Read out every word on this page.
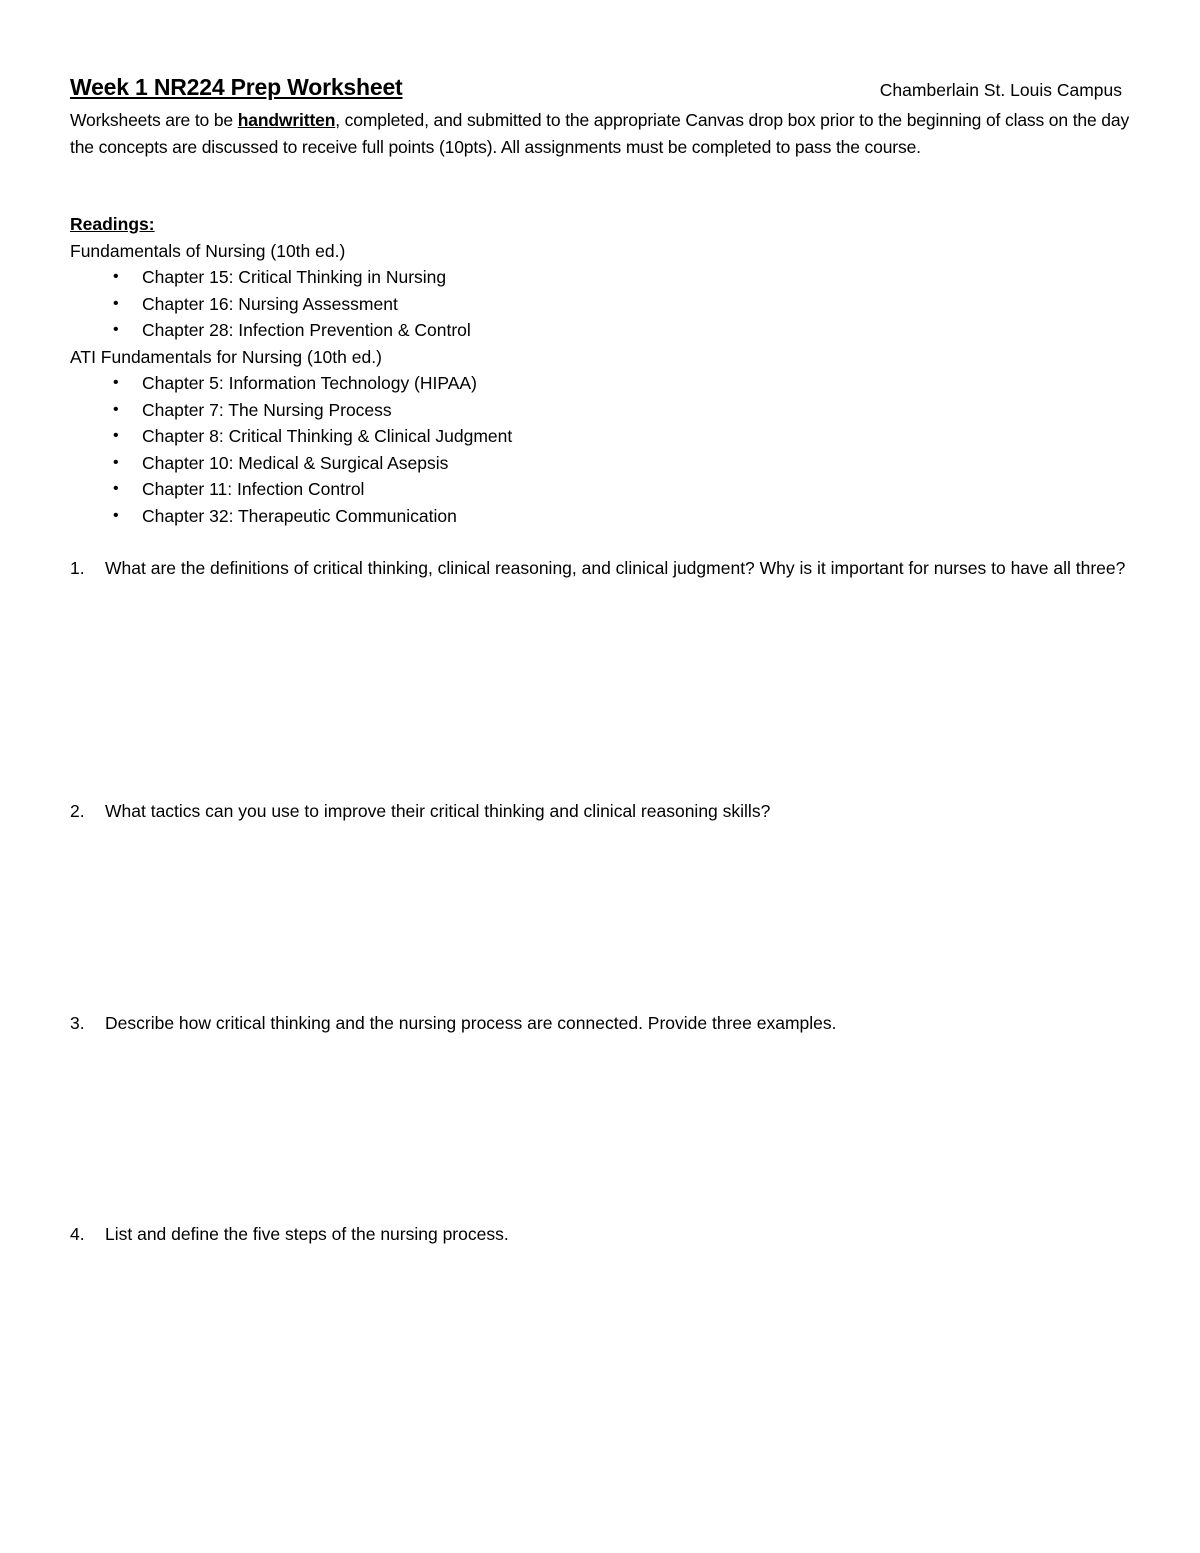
Week 1 NR224 Prep Worksheet	Chamberlain St. Louis Campus
Worksheets are to be handwritten, completed, and submitted to the appropriate Canvas drop box prior to the beginning of class on the day the concepts are discussed to receive full points (10pts). All assignments must be completed to pass the course.
Readings:
Fundamentals of Nursing (10th ed.)
• Chapter 15: Critical Thinking in Nursing
• Chapter 16: Nursing Assessment
• Chapter 28: Infection Prevention & Control
ATI Fundamentals for Nursing (10th ed.)
• Chapter 5: Information Technology (HIPAA)
• Chapter 7: The Nursing Process
• Chapter 8: Critical Thinking & Clinical Judgment
• Chapter 10: Medical & Surgical Asepsis
• Chapter 11: Infection Control
• Chapter 32: Therapeutic Communication
1.	What are the definitions of critical thinking, clinical reasoning, and clinical judgment? Why is it important for nurses to have all three?
2.	What tactics can you use to improve their critical thinking and clinical reasoning skills?
3.	Describe how critical thinking and the nursing process are connected. Provide three examples.
4.	List and define the five steps of the nursing process.
